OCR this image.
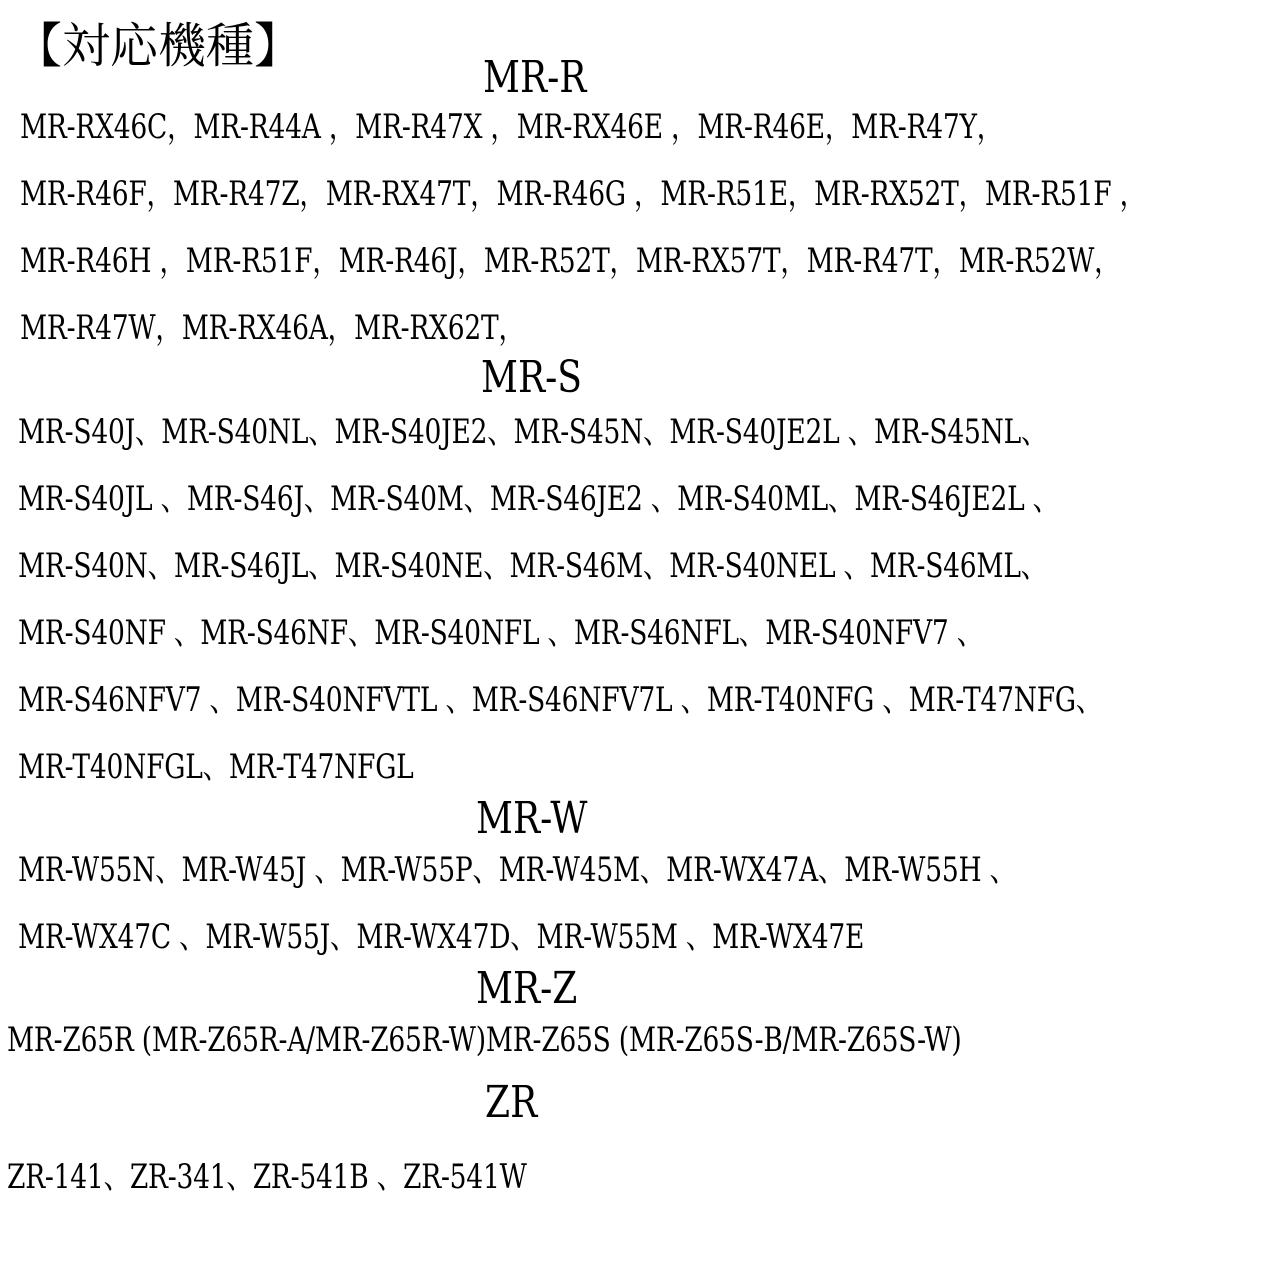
【対応機種】
MR-R
MR-RX46C，MR-R44A ，MR-R47X ，MR-RX46E ，MR-R46E，MR-R47Y，
MR-R46F，MR-R47Z，MR-RX47T，MR-R46G ，MR-R51E，MR-RX52T，MR-R51F ，
MR-R46H ，MR-R51F，MR-R46J，MR-R52T，MR-RX57T，MR-R47T，MR-R52W，
MR-R47W，MR-RX46A，MR-RX62T，
MR-S
MR-S40J、MR-S40NL、MR-S40JE2、MR-S45N、MR-S40JE2L 、MR-S45NL、
MR-S40JL 、MR-S46J、MR-S40M、MR-S46JE2 、MR-S40ML、MR-S46JE2L 、
MR-S40N、MR-S46JL、MR-S40NE、MR-S46M、MR-S40NEL 、MR-S46ML、
MR-S40NF 、MR-S46NF、MR-S40NFL 、MR-S46NFL、MR-S40NFV7 、
MR-S46NFV7 、MR-S40NFVTL 、MR-S46NFV7L 、MR-T40NFG 、MR-T47NFG、
MR-T40NFGL、MR-T47NFGL
MR-W
MR-W55N、MR-W45J 、MR-W55P、MR-W45M、MR-WX47A、MR-W55H 、
MR-WX47C 、MR-W55J、MR-WX47D、MR-W55M 、MR-WX47E
MR-Z
MR-Z65R (MR-Z65R-A/MR-Z65R-W)MR-Z65S (MR-Z65S-B/MR-Z65S-W)
ZR
ZR-141、ZR-341、ZR-541B 、ZR-541W
